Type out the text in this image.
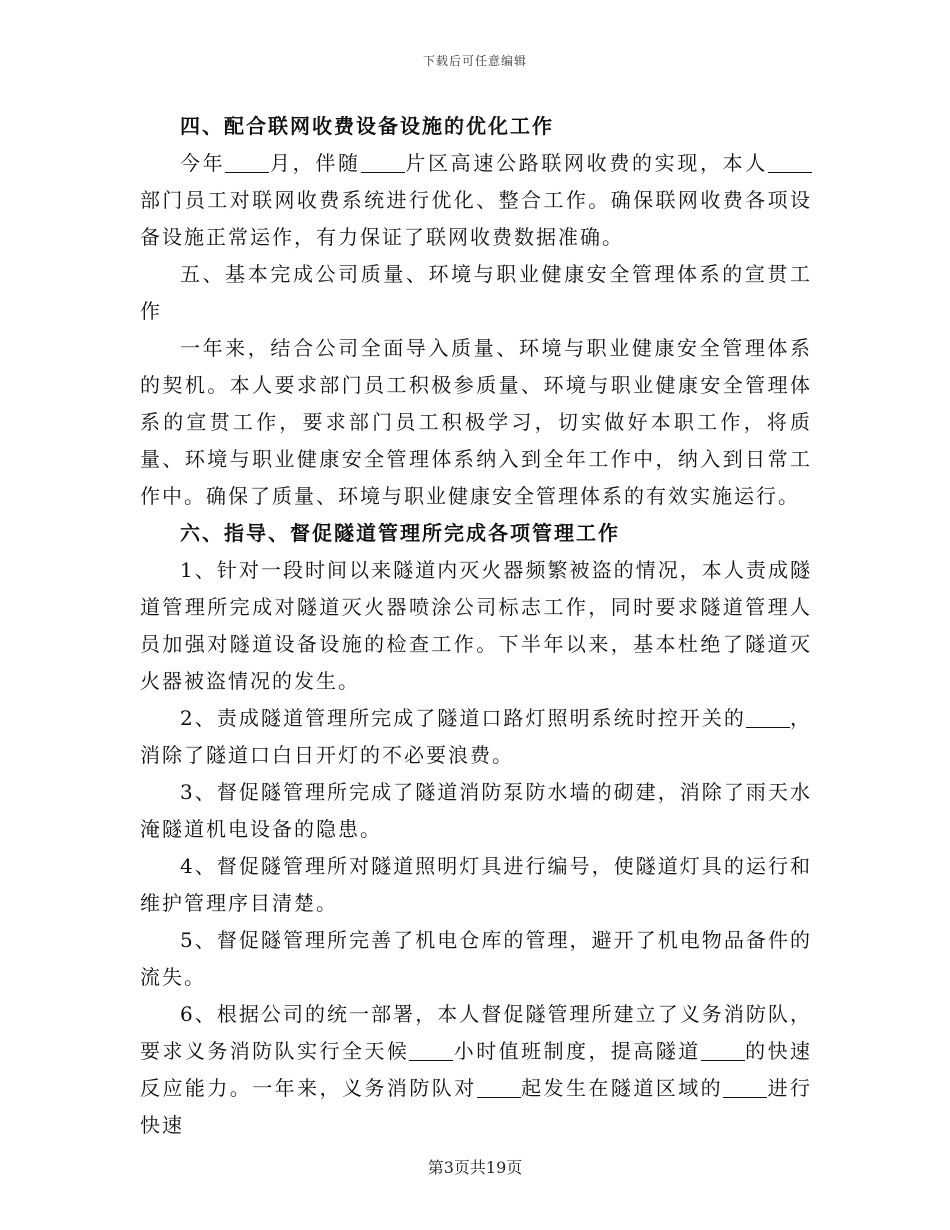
下载后可任意编辑

四、配合联网收费设备设施的优化工作

今年 月，伴随 片区高速公路联网收费的实现，本人部门员工对联网收费系统进行优化、整合工作。确保联网收费各项设备设施正常运作，有力保证了联网收费数据准确。

五、基本完成公司质量、环境与职业健康安全管理体系的宣贯工作

一年来，结合公司全面导入质量、环境与职业健康安全管理体系的契机。本人要求部门员工积极参质量、环境与职业健康安全管理体系的宣贯工作，要求部门员工积极学习，切实做好本职工作，将质量、环境与职业健康安全管理体系纳入到全年工作中，纳入到日常工作中。确保了质量、环境与职业健康安全管理体系的有效实施运行。

六、指导、督促隧道管理所完成各项管理工作

1、针对一段时间以来隧道内灭火器频繁被盗的情况，本人责成隧道管理所完成对隧道灭火器喷涂公司标志工作，同时要求隧道管理人员加强对隧道设备设施的检查工作。下半年以来，基本杜绝了隧道灭火器被盗情况的发生。

2、责成隧道管理所完成了隧道口路灯照明系统时控开关的 ，消除了隧道口白日开灯的不必要浪费。

3、督促隧管理所完成了隧道消防泵防水墙的砌建，消除了雨天水淹隧道机电设备的隐患。

4、督促隧管理所对隧道照明灯具进行编号，使隧道灯具的运行和维护管理序目清楚。

5、督促隧管理所完善了机电仓库的管理，避开了机电物品备件的流失。

6、根据公司的统一部署，本人督促隧管理所建立了义务消防队，要求义务消防队实行全天候 小时值班制度，提高隧道 的快速反应能力。一年来，义务消防队对 起发生在隧道区域的 进行快速

第3页共19页
